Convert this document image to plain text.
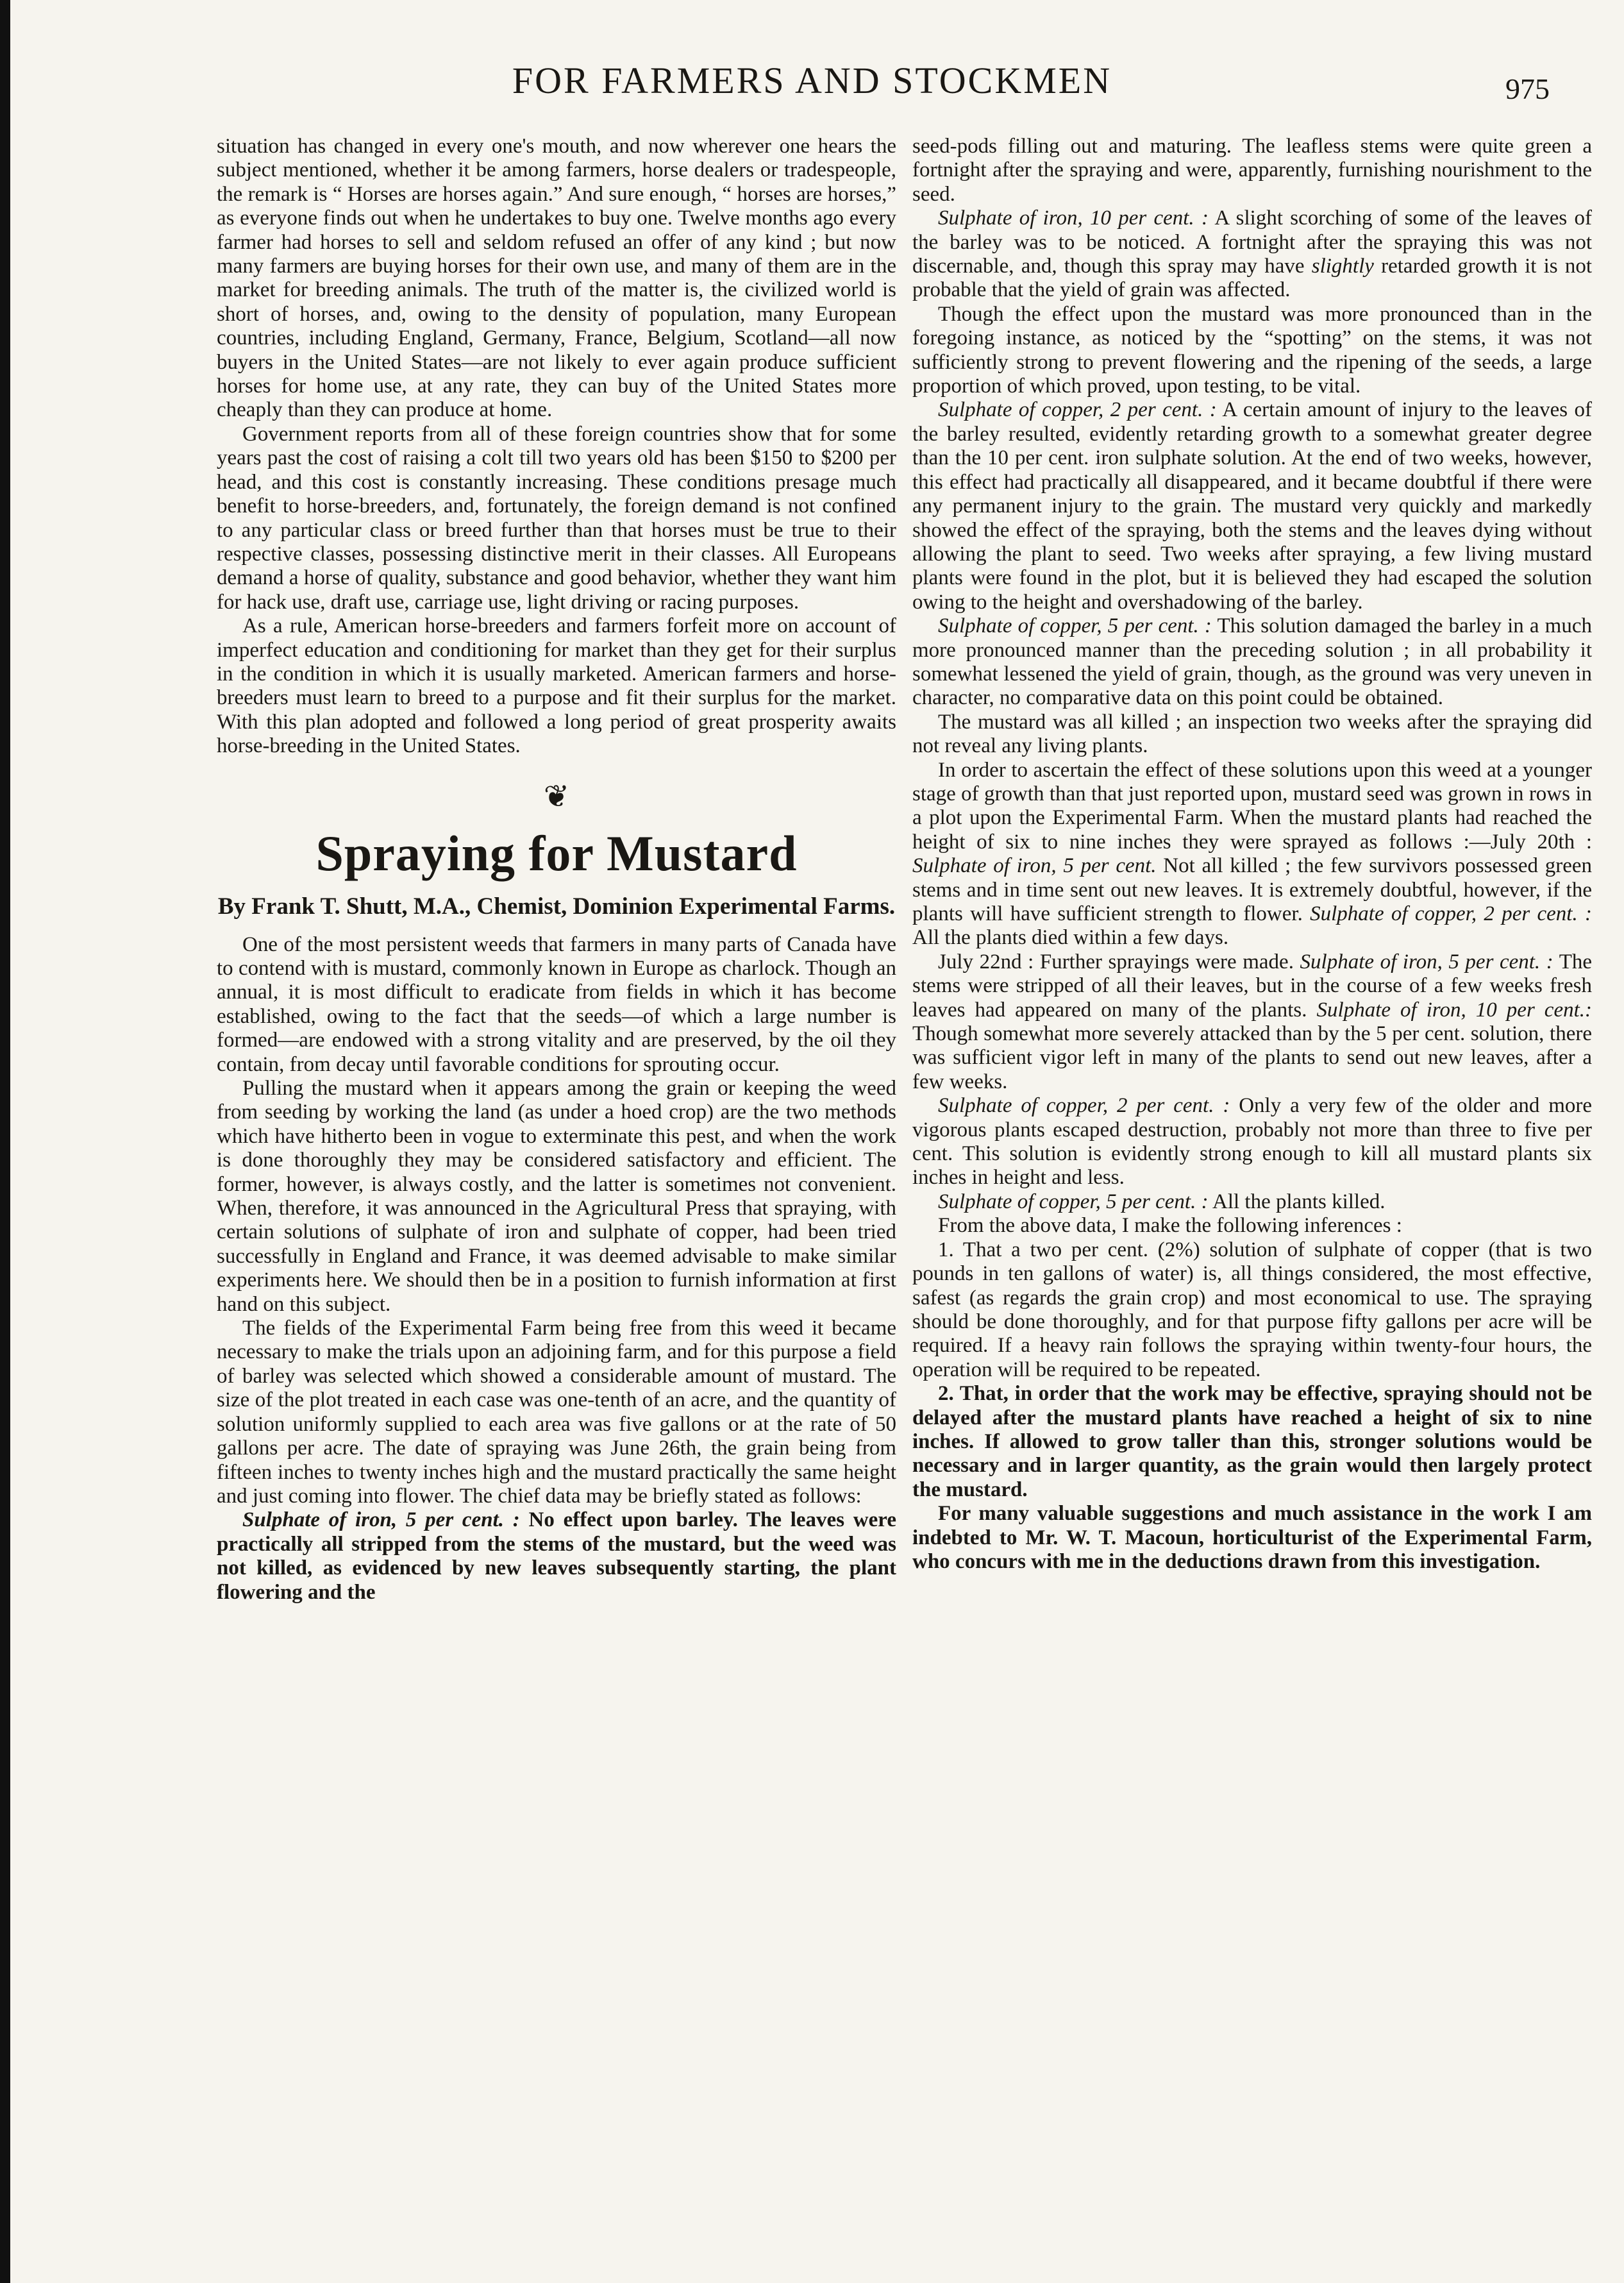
FOR FARMERS AND STOCKMEN	975

situation has changed in every one's mouth, and now wherever one hears the subject mentioned, whether it be among farmers, horse dealers or tradespeople, the remark is “ Horses are horses again.” And sure enough, “ horses are horses,” as everyone finds out when he undertakes to buy one. Twelve months ago every farmer had horses to sell and seldom refused an offer of any kind ; but now many farmers are buying horses for their own use, and many of them are in the market for breeding animals. The truth of the matter is, the civilized world is short of horses, and, owing to the density of population, many European countries, including England, Germany, France, Belgium, Scotland—all now buyers in the United States—are not likely to ever again produce sufficient horses for home use, at any rate, they can buy of the United States more cheaply than they can produce at home.

Government reports from all of these foreign countries show that for some years past the cost of raising a colt till two years old has been $150 to $200 per head, and this cost is constantly increasing. These conditions presage much benefit to horse-breeders, and, fortunately, the foreign demand is not confined to any particular class or breed further than that horses must be true to their respective classes, possessing distinctive merit in their classes. All Europeans demand a horse of quality, substance and good behavior, whether they want him for hack use, draft use, carriage use, light driving or racing purposes.

As a rule, American horse-breeders and farmers forfeit more on account of imperfect education and conditioning for market than they get for their surplus in the condition in which it is usually marketed. American farmers and horse-breeders must learn to breed to a purpose and fit their surplus for the market. With this plan adopted and followed a long period of great prosperity awaits horse-breeding in the United States.

❦
Spraying for Mustard
By Frank T. Shutt, M.A., Chemist, Dominion Experimental Farms.

One of the most persistent weeds that farmers in many parts of Canada have to contend with is mustard, commonly known in Europe as charlock. Though an annual, it is most difficult to eradicate from fields in which it has become established, owing to the fact that the seeds—of which a large number is formed—are endowed with a strong vitality and are preserved, by the oil they contain, from decay until favorable conditions for sprouting occur.

Pulling the mustard when it appears among the grain or keeping the weed from seeding by working the land (as under a hoed crop) are the two methods which have hitherto been in vogue to exterminate this pest, and when the work is done thoroughly they may be considered satisfactory and efficient. The former, however, is always costly, and the latter is sometimes not convenient. When, therefore, it was announced in the Agricultural Press that spraying, with certain solutions of sulphate of iron and sulphate of copper, had been tried successfully in England and France, it was deemed advisable to make similar experiments here. We should then be in a position to furnish information at first hand on this subject.

The fields of the Experimental Farm being free from this weed it became necessary to make the trials upon an adjoining farm, and for this purpose a field of barley was selected which showed a considerable amount of mustard. The size of the plot treated in each case was one-tenth of an acre, and the quantity of solution uniformly supplied to each area was five gallons or at the rate of 50 gallons per acre. The date of spraying was June 26th, the grain being from fifteen inches to twenty inches high and the mustard practically the same height and just coming into flower. The chief data may be briefly stated as follows:

Sulphate of iron, 5 per cent. : No effect upon barley. The leaves were practically all stripped from the stems of the mustard, but the weed was not killed, as evidenced by new leaves subsequently starting, the plant flowering and the

seed-pods filling out and maturing. The leafless stems were quite green a fortnight after the spraying and were, apparently, furnishing nourishment to the seed.

Sulphate of iron, 10 per cent. : A slight scorching of some of the leaves of the barley was to be noticed. A fortnight after the spraying this was not discernable, and, though this spray may have slightly retarded growth it is not probable that the yield of grain was affected.

Though the effect upon the mustard was more pronounced than in the foregoing instance, as noticed by the “spotting” on the stems, it was not sufficiently strong to prevent flowering and the ripening of the seeds, a large proportion of which proved, upon testing, to be vital.

Sulphate of copper, 2 per cent. : A certain amount of injury to the leaves of the barley resulted, evidently retarding growth to a somewhat greater degree than the 10 per cent. iron sulphate solution. At the end of two weeks, however, this effect had practically all disappeared, and it became doubtful if there were any permanent injury to the grain. The mustard very quickly and markedly showed the effect of the spraying, both the stems and the leaves dying without allowing the plant to seed. Two weeks after spraying, a few living mustard plants were found in the plot, but it is believed they had escaped the solution owing to the height and overshadowing of the barley.

Sulphate of copper, 5 per cent. : This solution damaged the barley in a much more pronounced manner than the preceding solution ; in all probability it somewhat lessened the yield of grain, though, as the ground was very uneven in character, no comparative data on this point could be obtained.

The mustard was all killed ; an inspection two weeks after the spraying did not reveal any living plants.

In order to ascertain the effect of these solutions upon this weed at a younger stage of growth than that just reported upon, mustard seed was grown in rows in a plot upon the Experimental Farm. When the mustard plants had reached the height of six to nine inches they were sprayed as follows :—July 20th : Sulphate of iron, 5 per cent. Not all killed ; the few survivors possessed green stems and in time sent out new leaves. It is extremely doubtful, however, if the plants will have sufficient strength to flower. Sulphate of copper, 2 per cent. : All the plants died within a few days.

July 22nd : Further sprayings were made. Sulphate of iron, 5 per cent. : The stems were stripped of all their leaves, but in the course of a few weeks fresh leaves had appeared on many of the plants. Sulphate of iron, 10 per cent.: Though somewhat more severely attacked than by the 5 per cent. solution, there was sufficient vigor left in many of the plants to send out new leaves, after a few weeks.

Sulphate of copper, 2 per cent. : Only a very few of the older and more vigorous plants escaped destruction, probably not more than three to five per cent. This solution is evidently strong enough to kill all mustard plants six inches in height and less.

Sulphate of copper, 5 per cent. : All the plants killed.

From the above data, I make the following inferences :

1. That a two per cent. (2%) solution of sulphate of copper (that is two pounds in ten gallons of water) is, all things considered, the most effective, safest (as regards the grain crop) and most economical to use. The spraying should be done thoroughly, and for that purpose fifty gallons per acre will be required. If a heavy rain follows the spraying within twenty-four hours, the operation will be required to be repeated.

2. That, in order that the work may be effective, spraying should not be delayed after the mustard plants have reached a height of six to nine inches. If allowed to grow taller than this, stronger solutions would be necessary and in larger quantity, as the grain would then largely protect the mustard.

For many valuable suggestions and much assistance in the work I am indebted to Mr. W. T. Macoun, horticulturist of the Experimental Farm, who concurs with me in the deductions drawn from this investigation.
